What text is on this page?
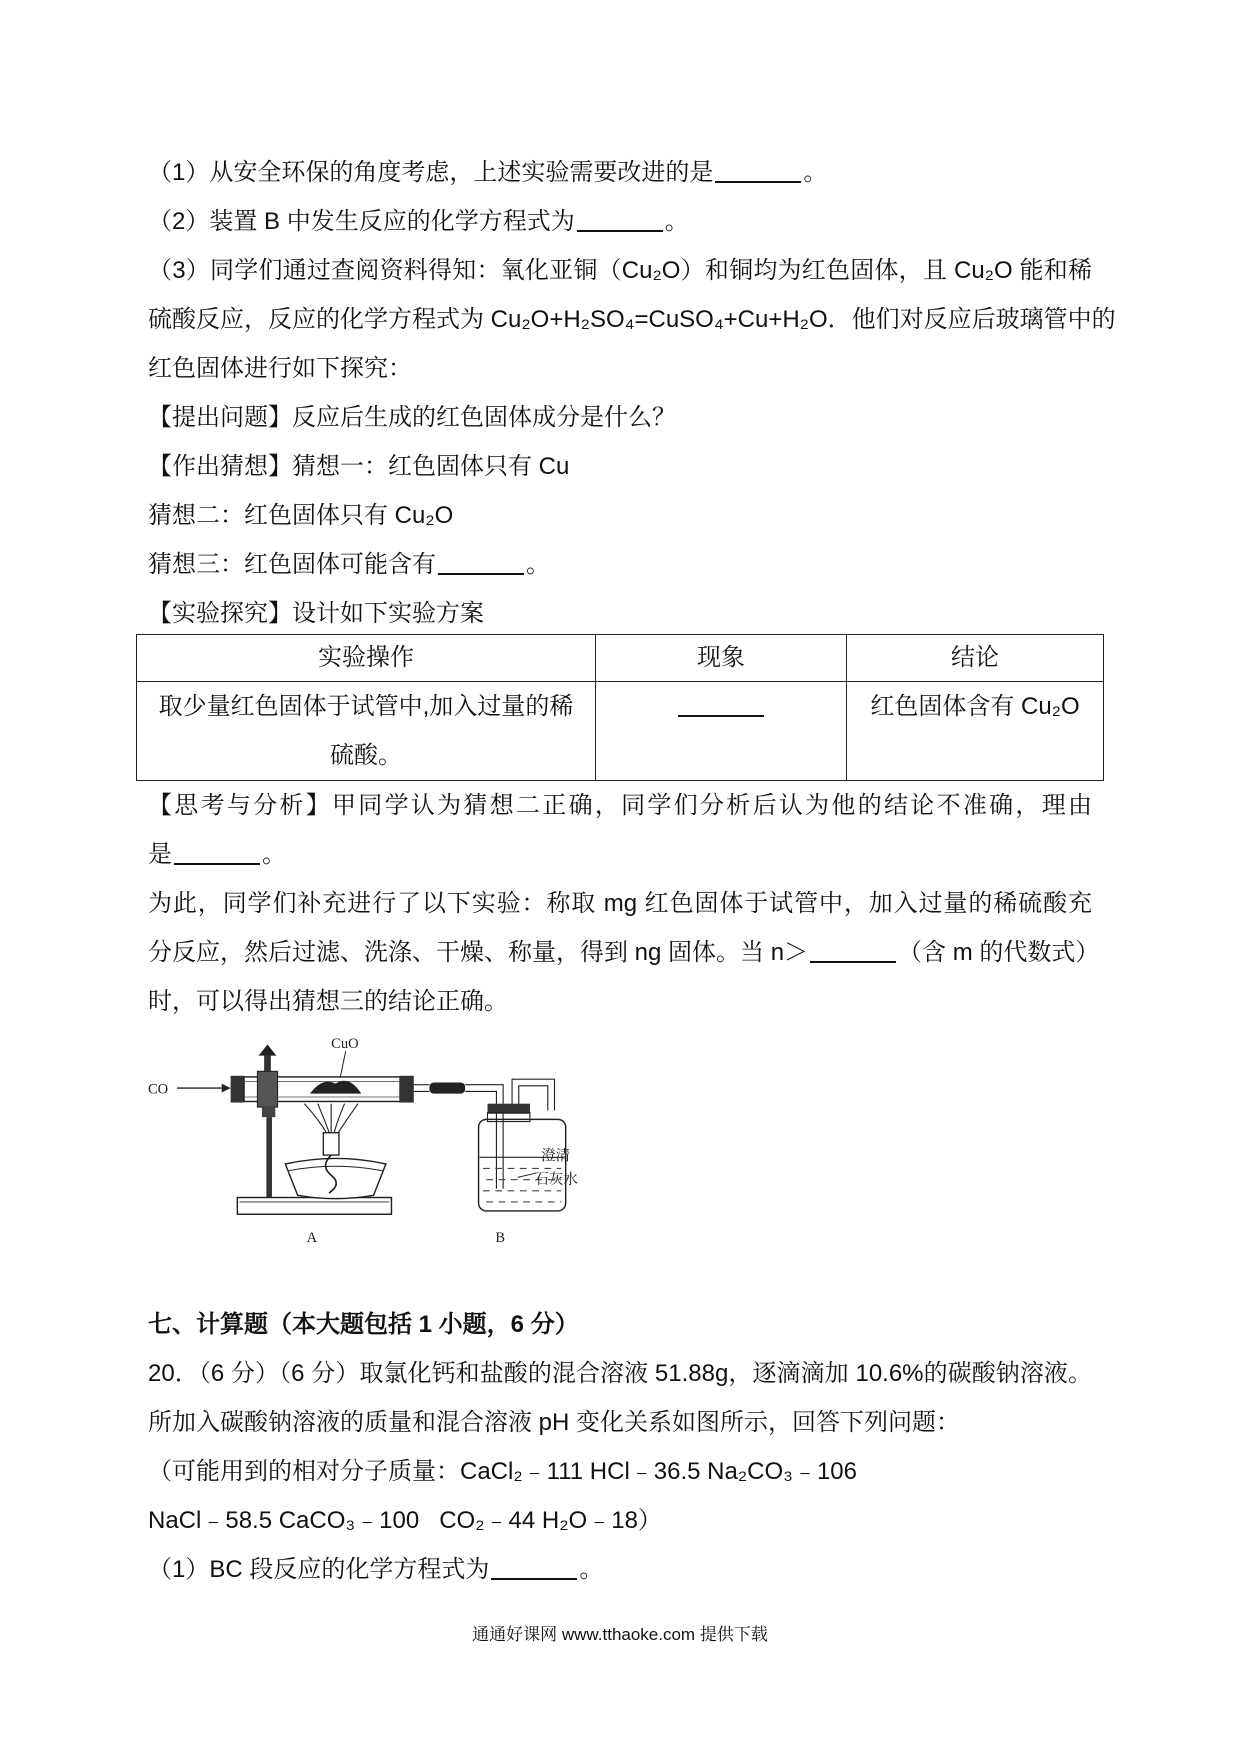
（1）从安全环保的角度考虑，上述实验需要改进的是	。
（2）装置 B 中发生反应的化学方程式为	。
（3）同学们通过查阅资料得知：氧化亚铜（Cu₂O）和铜均为红色固体，且 Cu₂O 能和稀
硫酸反应，反应的化学方程式为 Cu₂O+H₂SO₄=CuSO₄+Cu+H₂O．他们对反应后玻璃管中的
红色固体进行如下探究：
【提出问题】反应后生成的红色固体成分是什么？
【作出猜想】猜想一：红色固体只有 Cu
猜想二：红色固体只有 Cu₂O
猜想三：红色固体可能含有	。
【实验探究】设计如下实验方案
实验操作	现象	结论

取少量红色固体于试管中,加入过量的稀
硫酸。		红色固体含有 Cu₂O
【思考与分析】甲同学认为猜想二正确，同学们分析后认为他的结论不准确，理由
是	。
为此，同学们补充进行了以下实验：称取 mg 红色固体于试管中，加入过量的稀硫酸充
分反应，然后过滤、洗涤、干燥、称量，得到 ng 固体。当 n＞	（含 m 的代数式）
时，可以得出猜想三的结论正确。
CO
CuO
澄清
石灰水
A	B
七、计算题（本大题包括 1 小题，6 分）
20．（6 分）（6 分）取氯化钙和盐酸的混合溶液 51.88g，逐滴滴加 10.6%的碳酸钠溶液。
所加入碳酸钠溶液的质量和混合溶液 pH 变化关系如图所示，回答下列问题：
（可能用到的相对分子质量：CaCl₂﹣111 HCl﹣36.5 Na₂CO₃﹣106
NaCl﹣58.5 CaCO₃﹣100   CO₂﹣44 H₂O﹣18）
（1）BC 段反应的化学方程式为	。
通通好课网 www.tthaoke.com 提供下载
